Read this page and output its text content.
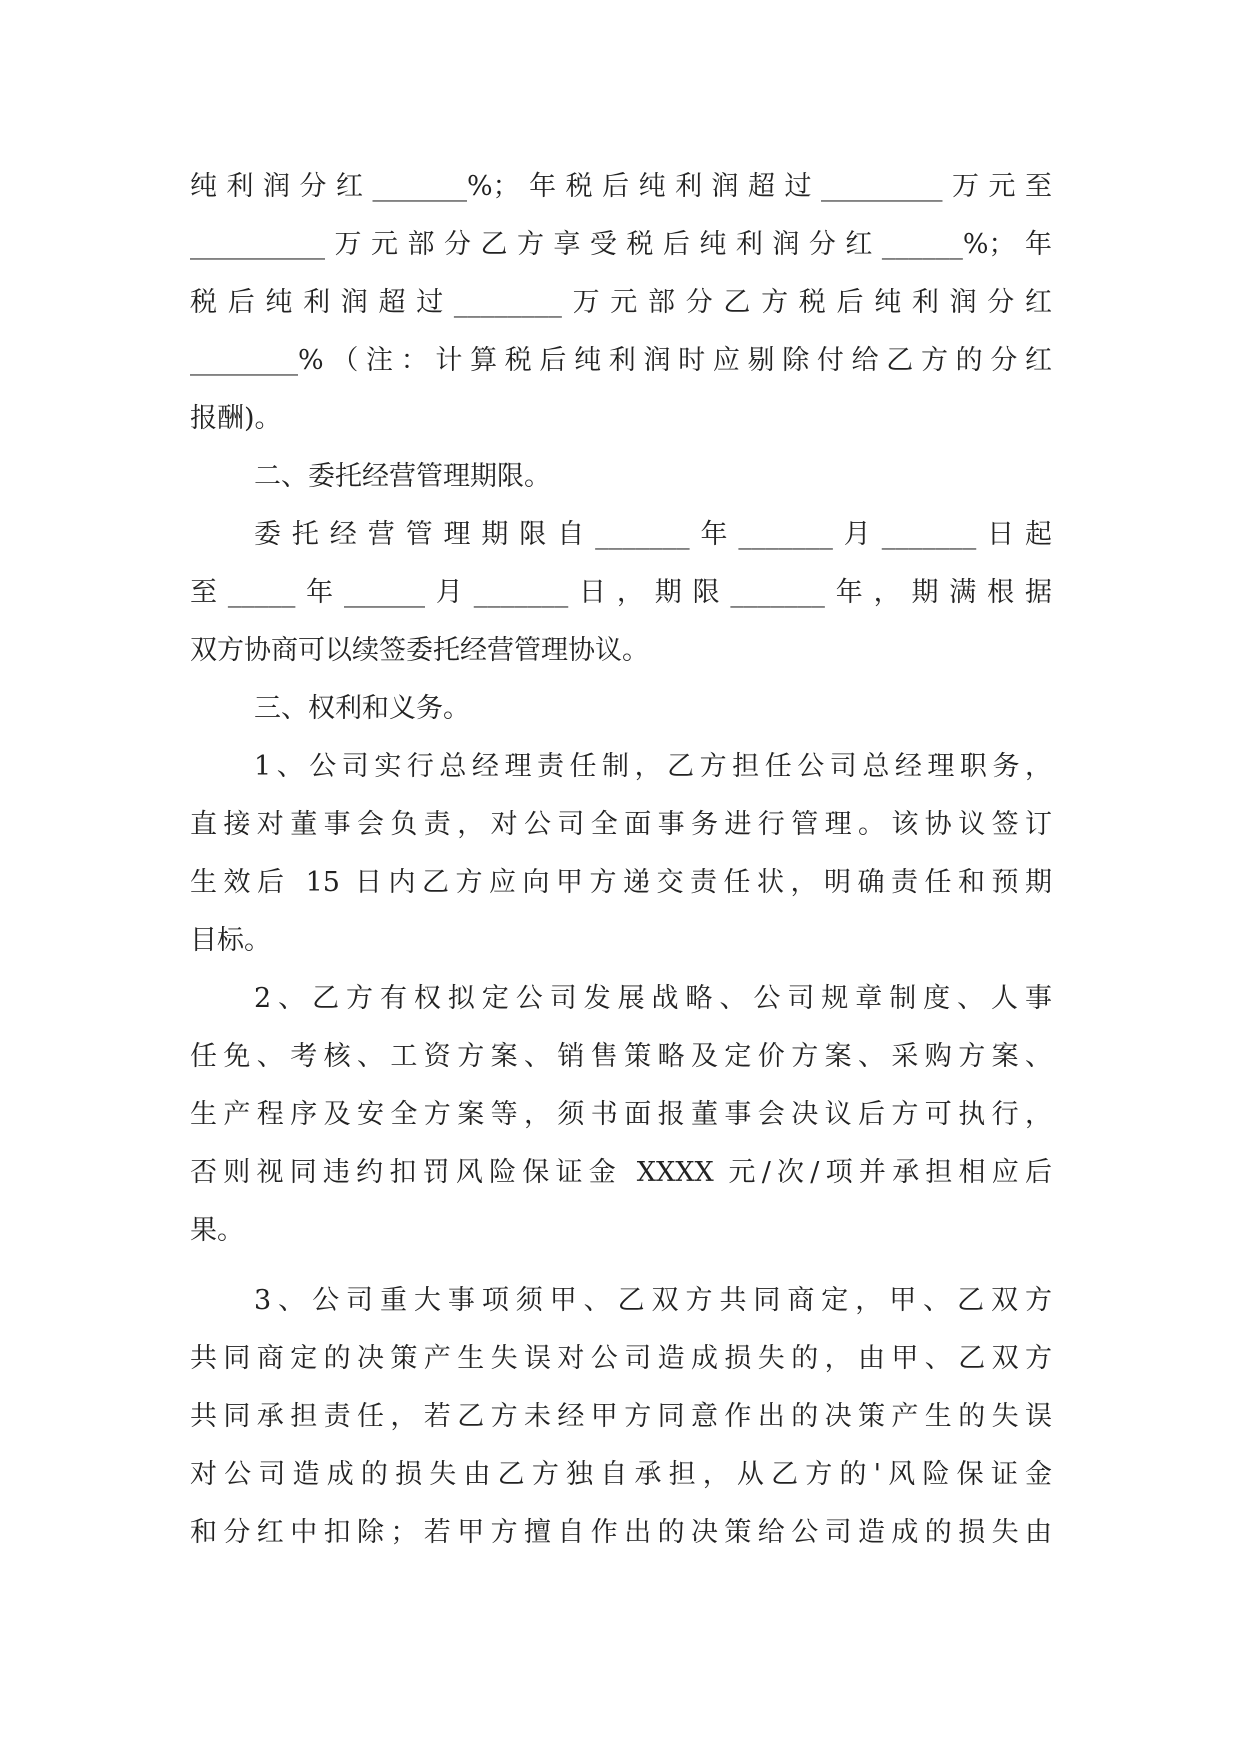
纯利润分红_______%；年税后纯利润超过_________万元至
__________万元部分乙方享受税后纯利润分红______%；年
税后纯利润超过________万元部分乙方税后纯利润分红
________%（注：计算税后纯利润时应剔除付给乙方的分红
报酬)。
二、委托经营管理期限。
委托经营管理期限自_______年_______月_______日起
至_____年______月_______日，期限_______年，期满根据
双方协商可以续签委托经营管理协议。
三、权利和义务。
1、公司实行总经理责任制，乙方担任公司总经理职务，
直接对董事会负责，对公司全面事务进行管理。该协议签订
生效后 15 日内乙方应向甲方递交责任状，明确责任和预期
目标。
2、乙方有权拟定公司发展战略、公司规章制度、人事
任免、考核、工资方案、销售策略及定价方案、采购方案、
生产程序及安全方案等，须书面报董事会决议后方可执行，
否则视同违约扣罚风险保证金 XXXX 元/次/项并承担相应后
果。
3、公司重大事项须甲、乙双方共同商定，甲、乙双方
共同商定的决策产生失误对公司造成损失的，由甲、乙双方
共同承担责任，若乙方未经甲方同意作出的决策产生的失误
对公司造成的损失由乙方独自承担，从乙方的'风险保证金
和分红中扣除；若甲方擅自作出的决策给公司造成的损失由
